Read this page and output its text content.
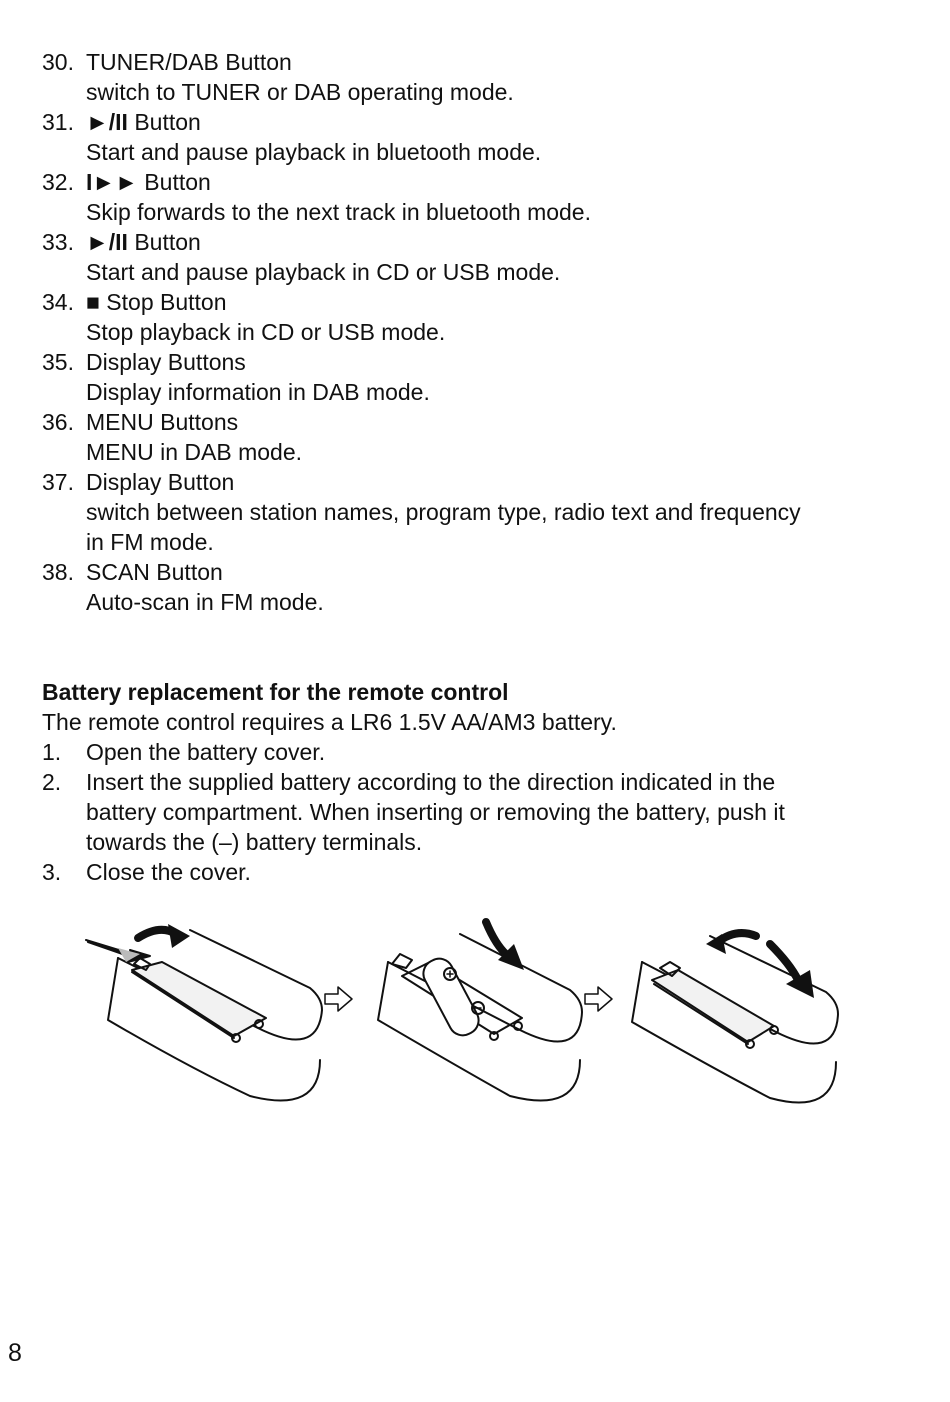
30. TUNER/DAB Button
switch to TUNER or DAB operating mode.
31. ►/II Button
Start and pause playback in bluetooth mode.
32. I►► Button
Skip forwards to the next track in bluetooth mode.
33. ►/II Button
Start and pause playback in CD or USB mode.
34. ■ Stop Button
Stop playback in CD or USB mode.
35. Display Buttons
Display information in DAB mode.
36. MENU Buttons
MENU in DAB mode.
37. Display Button
switch between station names, program type, radio text and frequency
in FM mode.
38. SCAN Button
Auto-scan in FM mode.
Battery replacement for the remote control
The remote control requires a LR6 1.5V AA/AM3 battery.
1.	Open the battery cover.
2.	Insert the supplied battery according to the direction indicated in the
battery compartment. When inserting or removing the battery, push it
towards the (–) battery terminals.
3.	Close the cover.
8
